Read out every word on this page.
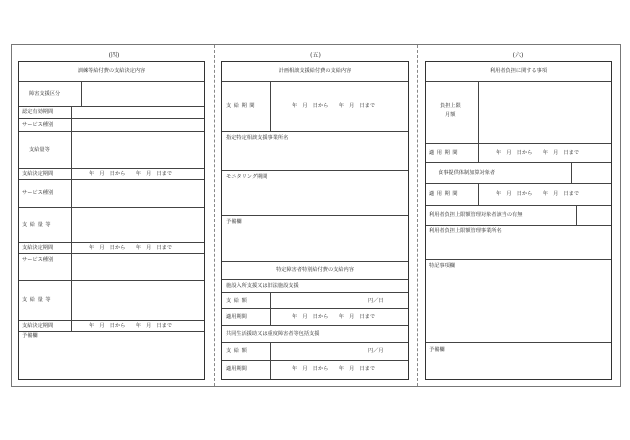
(四)	(五)	(六)
訓練等給付費の支給決定内容
障害支援区分
認定有効期間
サービス種別
支給量等
支給決定期間	年　月　日から　　年　月　日まで
サービス種別
支給量等
支給決定期間	年　月　日から　　年　月　日まで
サービス種別
支給量等
支給決定期間	年　月　日から　　年　月　日まで
予備欄
計画相談支援給付費の支給内容
支給期間	年　月　日から　　年　月　日まで
指定特定相談支援事業所名
モニタリング期間
予備欄
特定障害者特別給付費の支給内容
施設入所支援又は旧法施設支援
支給額	円／日
適用期間	年　月　日から　　年　月　日まで
共同生活援助又は重度障害者等包括支援
支給額	円／月
適用期間	年　月　日から　　年　月　日まで
利用者負担に関する事項
負担上限
月額
適用期間	年　月　日から　　年　月　日まで
食事提供体制加算対象者
適用期間	年　月　日から　　年　月　日まで
利用者負担上限額管理対象者該当の有無
利用者負担上限額管理事業所名
特記事項欄
予備欄
